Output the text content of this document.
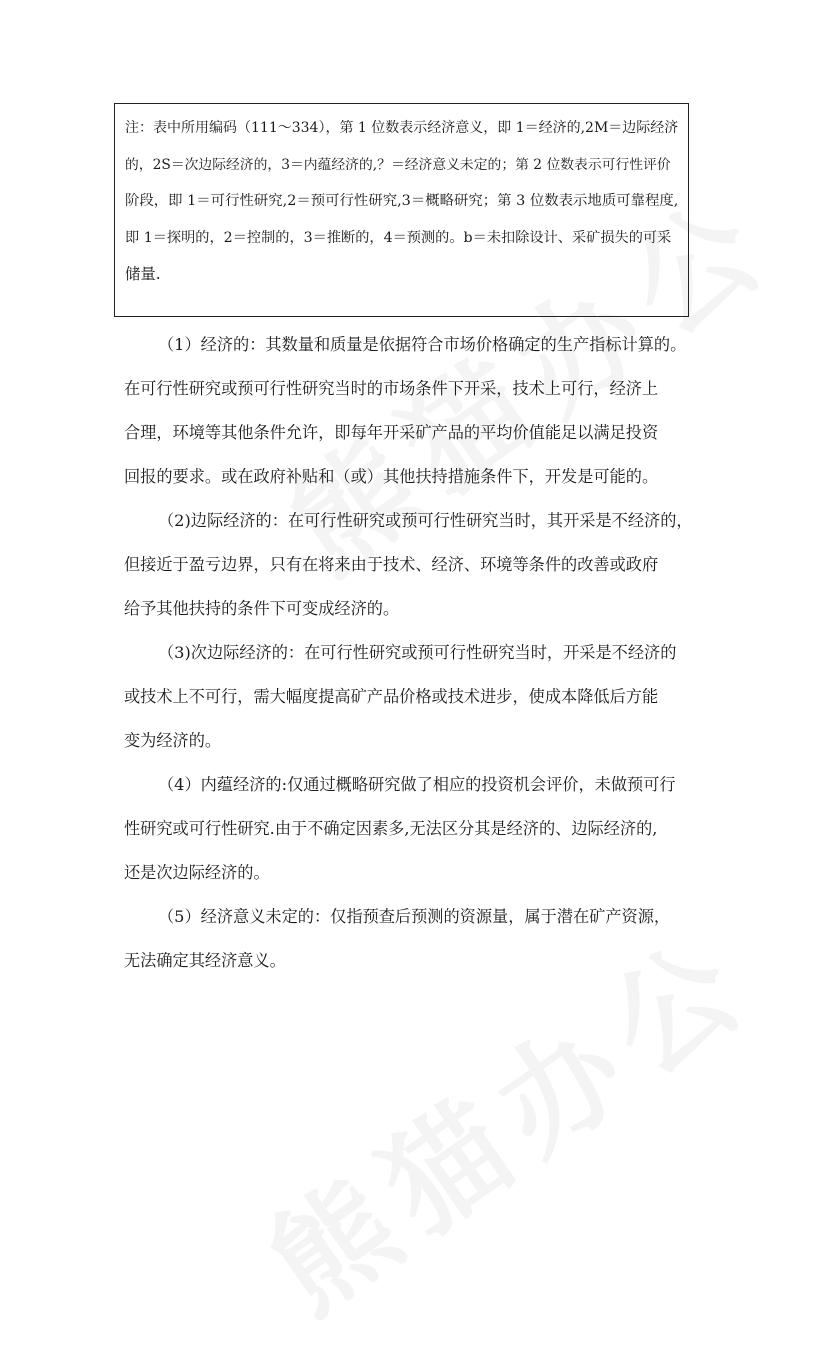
注：表中所用编码（111～334），第 1 位数表示经济意义，即 1＝经济的,2M＝边际经济
的，2S＝次边际经济的，3＝内蕴经济的,？＝经济意义未定的；第 2 位数表示可行性评价
阶段，即 1＝可行性研究,2＝预可行性研究,3＝概略研究；第 3 位数表示地质可靠程度,
即 1＝探明的，2＝控制的，3＝推断的，4＝预测的。b＝未扣除设计、采矿损失的可采
储量.
（1）经济的：其数量和质量是依据符合市场价格确定的生产指标计算的。
在可行性研究或预可行性研究当时的市场条件下开采，技术上可行，经济上
合理，环境等其他条件允许，即每年开采矿产品的平均价值能足以满足投资
回报的要求。或在政府补贴和（或）其他扶持措施条件下，开发是可能的。
（2)边际经济的：在可行性研究或预可行性研究当时，其开采是不经济的，
但接近于盈亏边界，只有在将来由于技术、经济、环境等条件的改善或政府
给予其他扶持的条件下可变成经济的。
（3)次边际经济的：在可行性研究或预可行性研究当时，开采是不经济的
或技术上不可行，需大幅度提高矿产品价格或技术进步，使成本降低后方能
变为经济的。
（4）内蕴经济的:仅通过概略研究做了相应的投资机会评价，未做预可行
性研究或可行性研究.由于不确定因素多,无法区分其是经济的、边际经济的,
还是次边际经济的。
（5）经济意义未定的：仅指预查后预测的资源量，属于潜在矿产资源，
无法确定其经济意义。
